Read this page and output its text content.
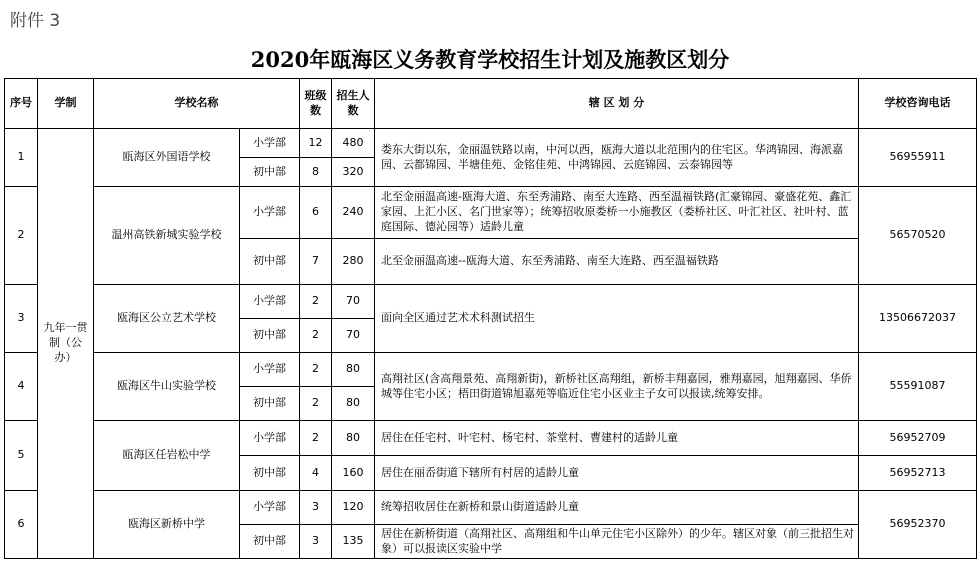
附件 3
2020年瓯海区义务教育学校招生计划及施教区划分
序号	学制	学校名称		班级数	招生人数	辖 区 划 分	学校咨询电话
1	九年一贯制（公办）	瓯海区外国语学校	小学部	12	480	娄东大街以东，金丽温铁路以南，中河以西，瓯海大道以北范围内的住宅区。华鸿锦园、海派嘉园、云都锦园、半塘佳苑、金铭佳苑、中鸿锦园、云庭锦园、云泰锦园等	56955911
			初中部	8	320		
2		温州高铁新城实验学校	小学部	6	240	北至金丽温高速-瓯海大道、东至秀浦路、南至大连路、西至温福铁路(汇豪锦园、豪盛花苑、鑫汇家园、上汇小区、名门世家等）；统筹招收原娄桥一小施教区（娄桥社区、叶汇社区、社叶村、蓝庭国际、德沁园等）适龄儿童	56570520
			初中部	7	280	北至金丽温高速--瓯海大道、东至秀浦路、南至大连路、西至温福铁路	
3		瓯海区公立艺术学校	小学部	2	70	面向全区通过艺术术科测试招生	13506672037
			初中部	2	70		
4		瓯海区牛山实验学校	小学部	2	80	高翔社区(含高翔景苑、高翔新街)，新桥社区高翔组，新桥丰翔嘉园，雅翔嘉园，旭翔嘉园、华侨城等住宅小区；梧田街道锦旭嘉苑等临近住宅小区业主子女可以报读,统筹安排。	55591087
			初中部	2	80		
5		瓯海区任岩松中学	小学部	2	80	居住在任宅村、叶宅村、杨宅村、茶堂村、曹建村的适龄儿童	56952709
			初中部	4	160	居住在丽岙街道下辖所有村居的适龄儿童	56952713
6		瓯海区新桥中学	小学部	3	120	统筹招收居住在新桥和景山街道适龄儿童	56952370
			初中部	3	135	居住在新桥街道（高翔社区、高翔组和牛山单元住宅小区除外）的少年。辖区对象（前三批招生对象）可以报读区实验中学	
